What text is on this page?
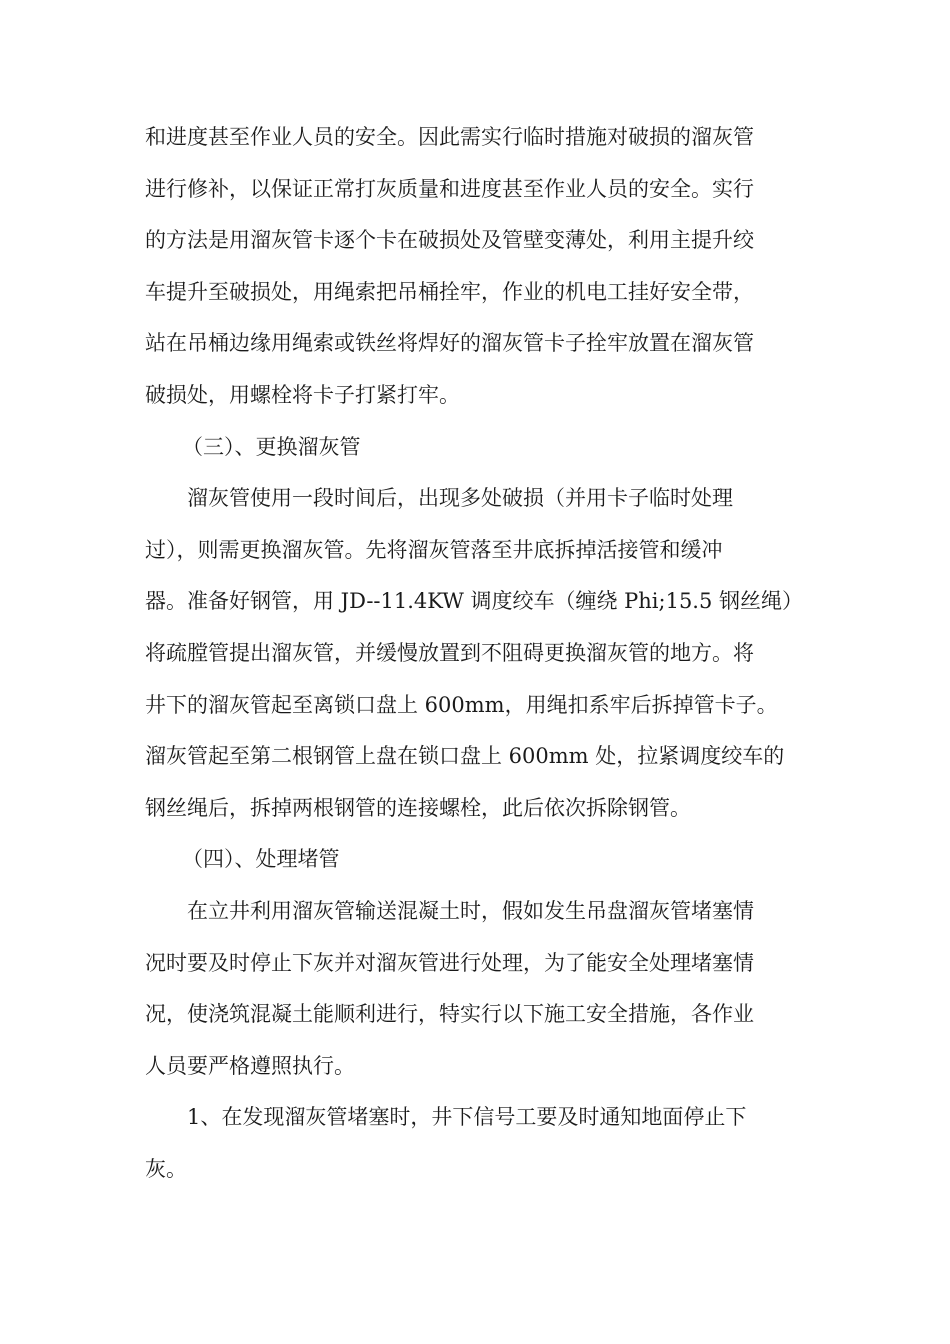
和进度甚至作业人员的安全。因此需实行临时措施对破损的溜灰管
进行修补，以保证正常打灰质量和进度甚至作业人员的安全。实行
的方法是用溜灰管卡逐个卡在破损处及管壁变薄处，利用主提升绞
车提升至破损处，用绳索把吊桶拴牢，作业的机电工挂好安全带，
站在吊桶边缘用绳索或铁丝将焊好的溜灰管卡子拴牢放置在溜灰管
破损处，用螺栓将卡子打紧打牢。
（三）、更换溜灰管
溜灰管使用一段时间后，出现多处破损（并用卡子临时处理
过），则需更换溜灰管。先将溜灰管落至井底拆掉活接管和缓冲
器。准备好钢管，用 JD--11.4KW 调度绞车（缠绕 Phi;15.5 钢丝绳）
将疏膛管提出溜灰管，并缓慢放置到不阻碍更换溜灰管的地方。将
井下的溜灰管起至离锁口盘上 600mm，用绳扣系牢后拆掉管卡子。
溜灰管起至第二根钢管上盘在锁口盘上 600mm 处，拉紧调度绞车的
钢丝绳后，拆掉两根钢管的连接螺栓，此后依次拆除钢管。
（四）、处理堵管
在立井利用溜灰管输送混凝土时，假如发生吊盘溜灰管堵塞情
况时要及时停止下灰并对溜灰管进行处理，为了能安全处理堵塞情
况，使浇筑混凝土能顺利进行，特实行以下施工安全措施，各作业
人员要严格遵照执行。
1、在发现溜灰管堵塞时，井下信号工要及时通知地面停止下
灰。
